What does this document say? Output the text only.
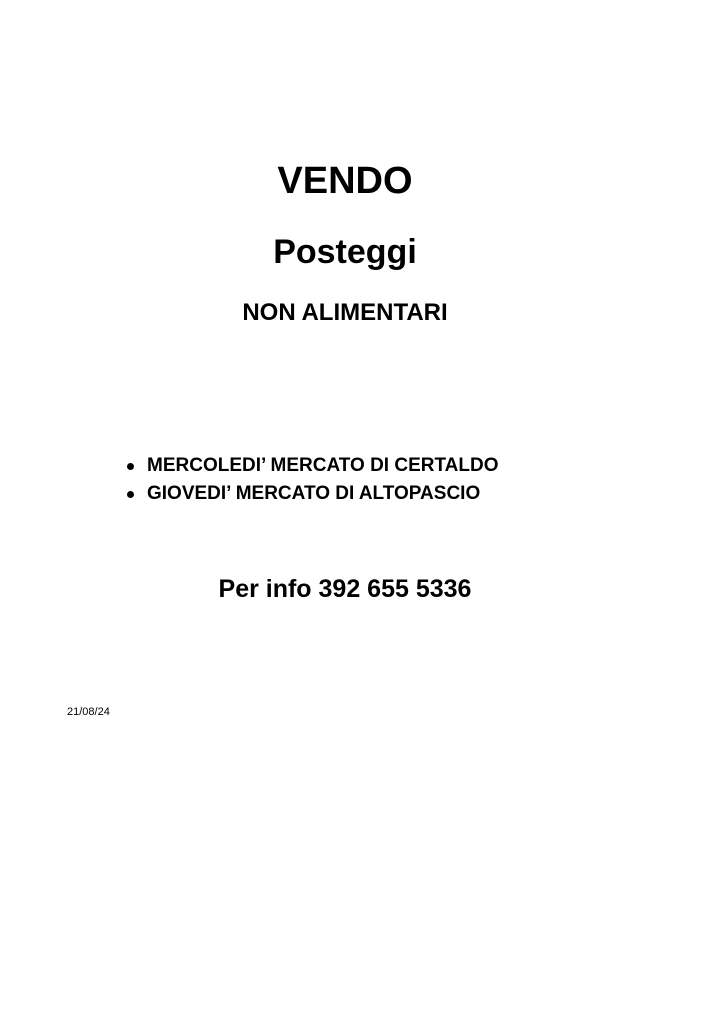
VENDO
Posteggi
NON ALIMENTARI
MERCOLEDI’ MERCATO DI CERTALDO
GIOVEDI’ MERCATO DI ALTOPASCIO
Per info 392 655 5336
21/08/24
